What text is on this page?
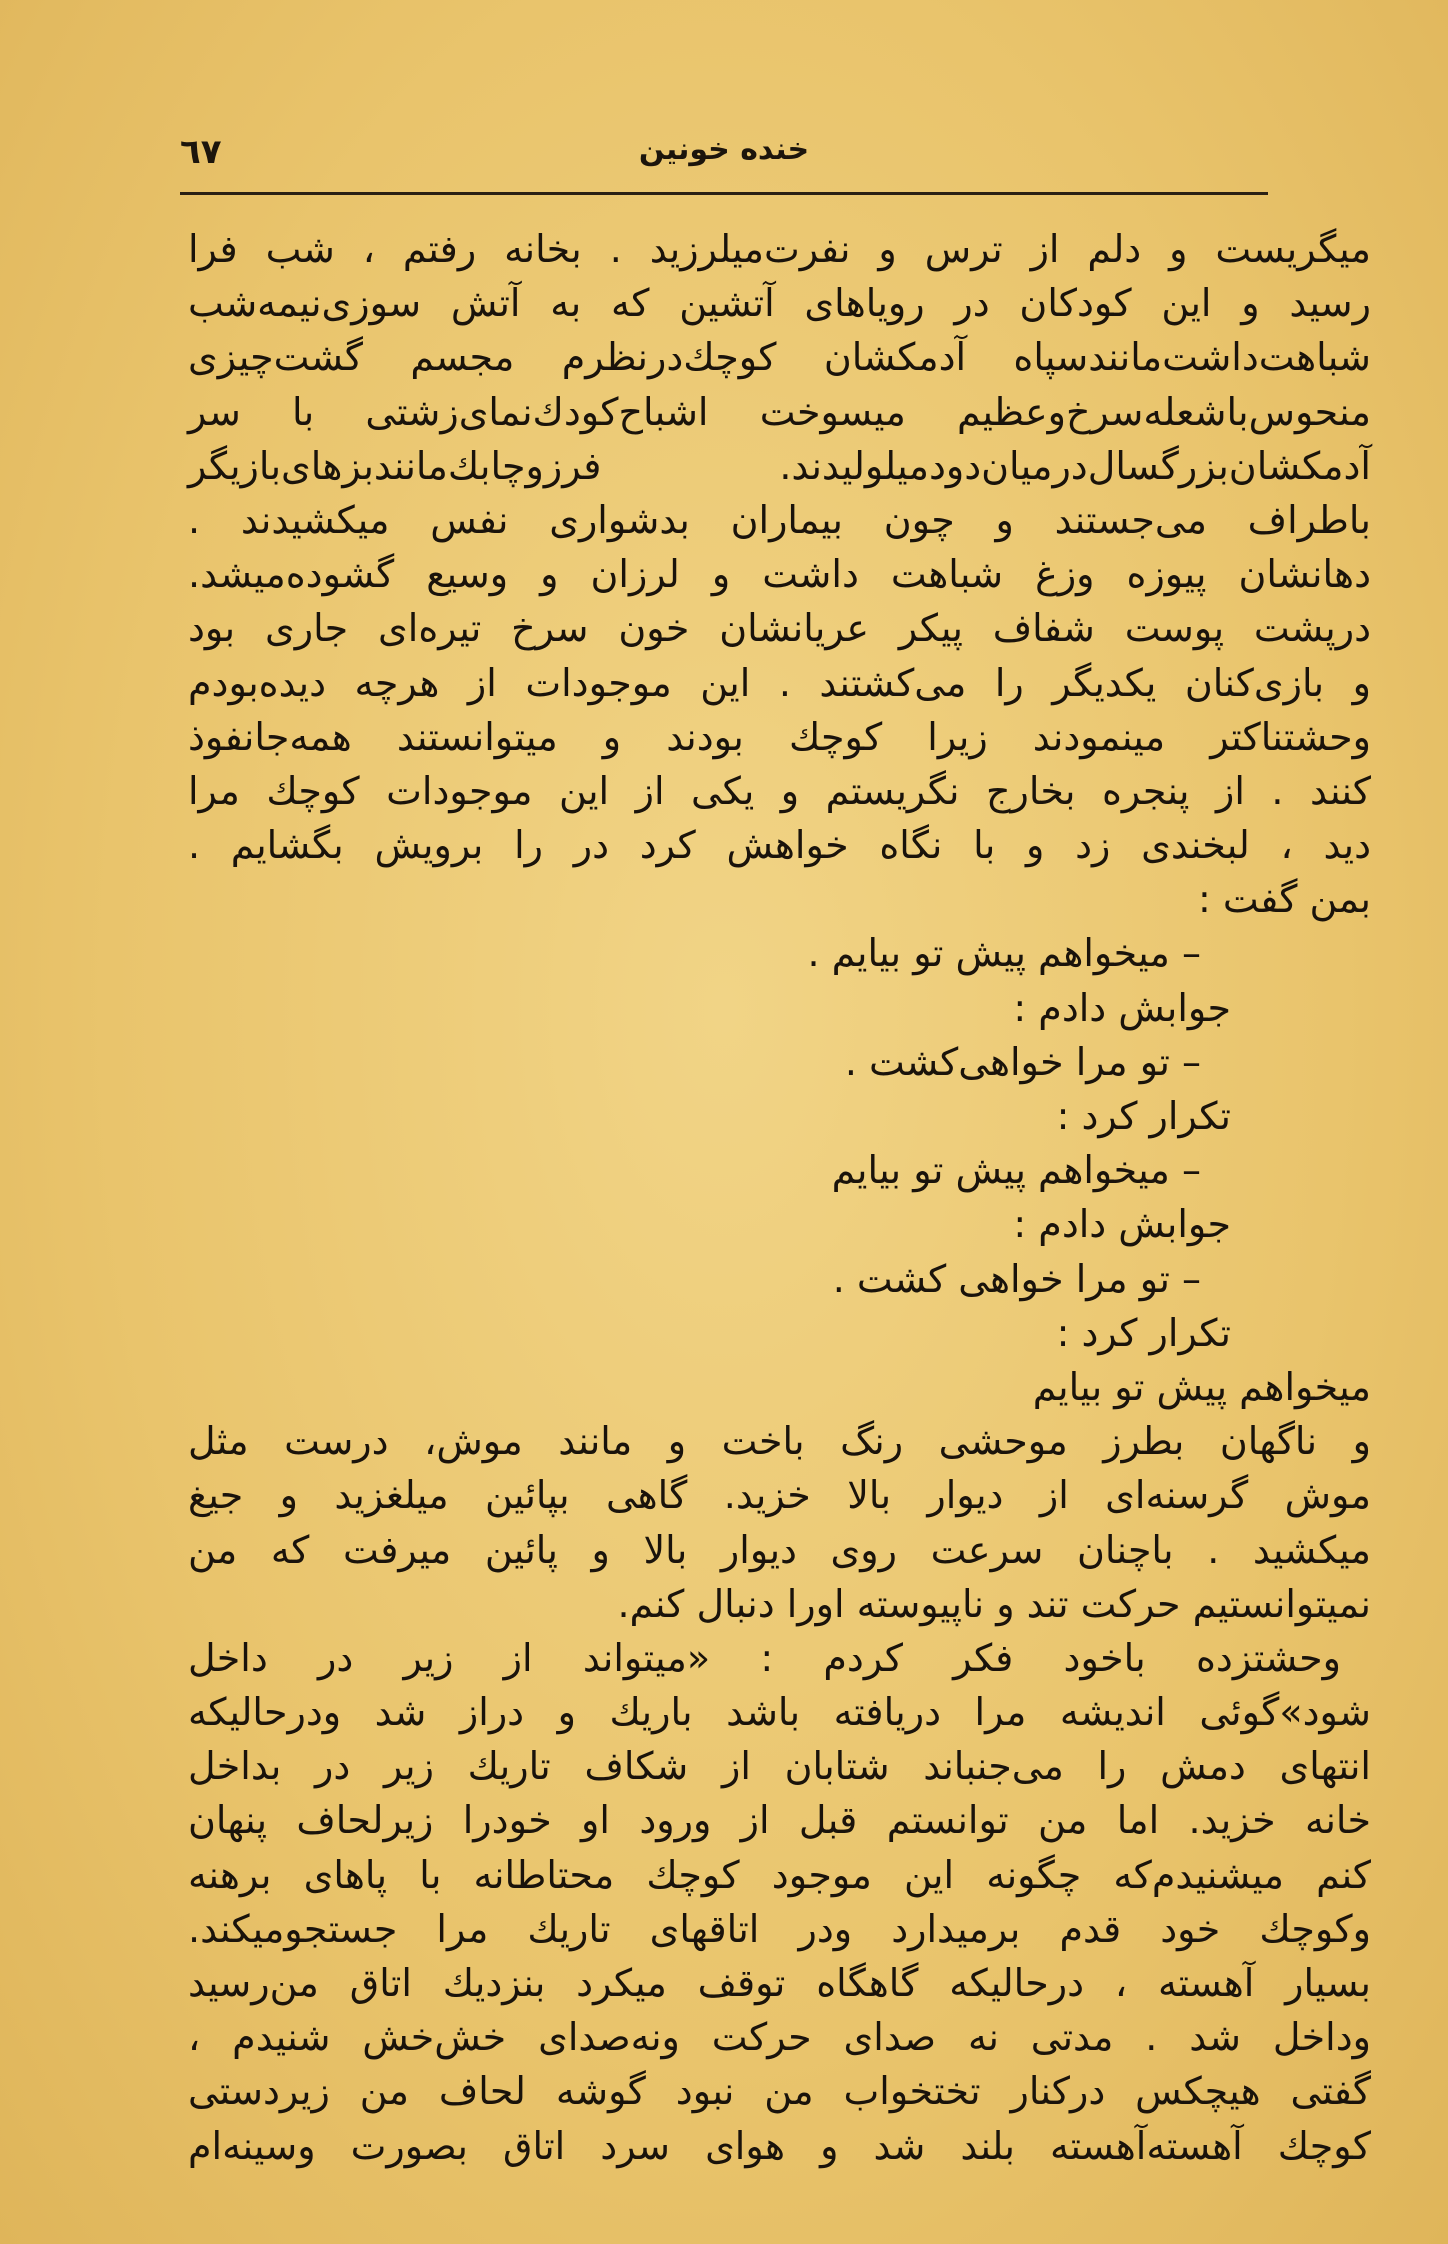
٦٧	خنده خونین
میگریست و دلم از ترس و نفرت‌میلرزید . بخانه رفتم ، شب فرا
رسید و این کودکان در رویاهای آتشین که به آتش سوزی‌نیمه‌شب
شباهت‌داشت‌مانندسپاه آدمکشان کوچك‌درنظرم مجسم گشت‌چیزی
منحوس‌باشعله‌سرخ‌وعظیم میسوخت اشباح‌کودك‌نمای‌زشتی با سر
آدمکشان‌بزرگسال‌درمیان‌دودمیلولیدند. فرزوچابك‌مانندبزهای‌بازیگر
باطراف می‌جستند و چون بیماران بدشواری نفس میکشیدند .
دهانشان پیوزه وزغ شباهت داشت و لرزان و وسیع گشوده‌میشد.
درپشت پوست شفاف پیکر عریانشان خون سرخ تیره‌ای جاری بود
و بازی‌کنان یکدیگر را می‌کشتند . این موجودات از هرچه دیده‌بودم
وحشتناکتر مینمودند زیرا کوچك بودند و میتوانستند همه‌جانفوذ
کنند . از پنجره بخارج نگریستم و یکی از این موجودات کوچك مرا
دید ، لبخندی زد و با نگاه خواهش کرد در را برویش بگشایم .
بمن گفت :
– میخواهم پیش تو بیایم .
جوابش دادم :
– تو مرا خواهی‌کشت .
تکرار کرد :
– میخواهم پیش تو بیایم
جوابش دادم :
– تو مرا خواهی کشت .
تکرار کرد :
میخواهم پیش تو بیایم
و ناگهان بطرز موحشی رنگ باخت و مانند موش، درست مثل
موش گرسنه‌ای از دیوار بالا خزید. گاهی بپائین میلغزید و جیغ
میکشید . باچنان سرعت روی دیوار بالا و پائین میرفت که من
نمیتوانستیم حرکت تند و ناپیوسته اورا دنبال کنم.
وحشتزده باخود فکر کردم : «میتواند از زیر در داخل
شود»گوئی اندیشه مرا دریافته باشد باریك و دراز شد ودرحالیکه
انتهای دمش را می‌جنباند شتابان از شکاف تاریك زیر در بداخل
خانه خزید. اما من توانستم قبل از ورود او خودرا زیرلحاف پنهان
کنم میشنیدم‌که چگونه این موجود کوچك محتاطانه با پاهای برهنه
وکوچك خود قدم برمیدارد ودر اتاقهای تاریك مرا جستجومیکند.
بسیار آهسته ، درحالیکه گاهگاه توقف میکرد بنزدیك اتاق من‌رسید
وداخل شد . مدتی نه صدای حرکت ونه‌صدای خش‌خش شنیدم ،
گفتی هیچکس درکنار تختخواب من نبود گوشه لحاف من زیردستی
کوچك آهسته‌آهسته بلند شد و هوای سرد اتاق بصورت وسینه‌ام
